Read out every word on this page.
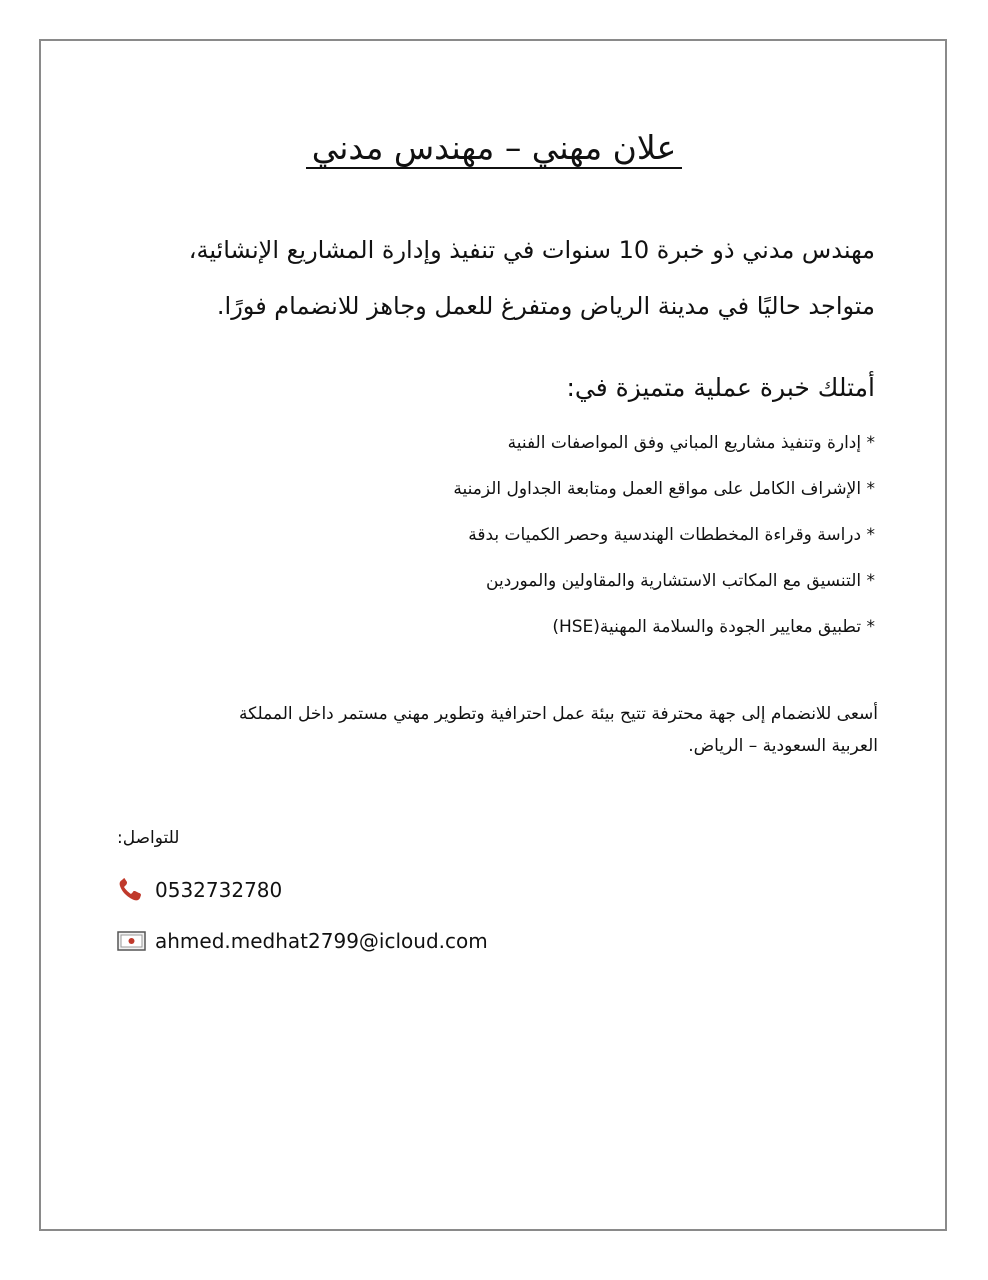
علان مهني – مهندس مدني

مهندس مدني ذو خبرة 10 سنوات في تنفيذ وإدارة المشاريع الإنشائية،

متواجد حاليًا في مدينة الرياض ومتفرغ للعمل وجاهز للانضمام فورًا.

أمتلك خبرة عملية متميزة في:
* إدارة وتنفيذ مشاريع المباني وفق المواصفات الفنية
* الإشراف الكامل على مواقع العمل ومتابعة الجداول الزمنية
* دراسة وقراءة المخططات الهندسية وحصر الكميات بدقة
* التنسيق مع المكاتب الاستشارية والمقاولين والموردين
* تطبيق معايير الجودة والسلامة المهنية(HSE)

أسعى للانضمام إلى جهة محترفة تتيح بيئة عمل احترافية وتطوير مهني مستمر داخل المملكة

العربية السعودية – الرياض.

:للتواصل
0532732780
ahmed.medhat2799@icloud.com
